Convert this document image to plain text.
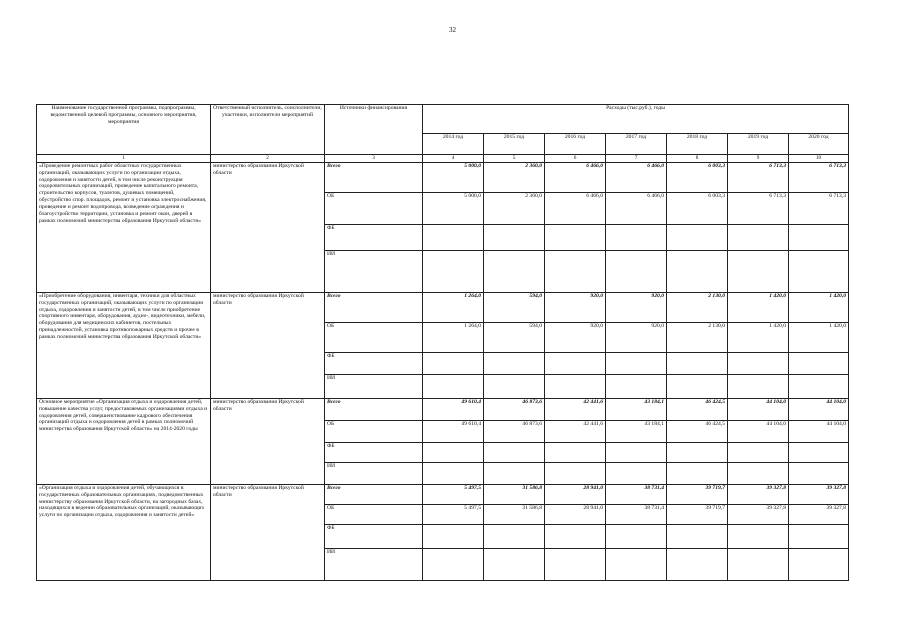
32
Наименование государственной программы, подпрограммы, ведомственной целевой программы, основного мероприятия, мероприятия	Ответственный исполнитель, соисполнители, участники, исполнители мероприятий	Источники финансирования	Расходы (тыс.руб.), годы						
			2014 год	2015 год	2016 год	2017 год	2018 год	2019 год	2020 год
1	2	3	4	5	6	7	8	9	10
«Проведение ремонтных работ областных государственных организаций, оказывающих услуги по организации отдыха, оздоровления и занятости детей, в том числе реконструкция оздоровительных организаций, проведение капитального ремонта, строительство корпусов, туалетов, душевых помещений, обустройство спор. площадок, ремонт и установка электроснабжения, проведение и ремонт водопровода, возведение ограждения и благоустройство территории, установка и ремонт окон, дверей в рамках полномочий министерства образования Иркутской области»	министерство образования Иркутской области	Всего	5 000,0	2 360,0	6 466,0	6 466,0	6 003,3	6 713,3	6 713,3
		ОБ	5 000,0	2 360,0	6 466,0	6 466,0	6 003,3	6 713,3	6 713,3
		ФБ							
		ИИ							
«Приобретение оборудования, инвентаря, техники для областных государственных организаций, оказывающих услуги по организации отдыха, оздоровления и занятости детей, в том числе приобретение спортивного инвентаря, оборудования, аудио-, видеотехники, мебели, оборудования для медицинских кабинетов, постельных принадлежностей, установка противопожарных средств и прочее в рамках полномочий министерства образования Иркутской области»	министерство образования Иркутской области	Всего	1 264,0	594,0	920,0	920,0	2 130,0	1 420,0	1 420,0
		ОБ	1 264,0	594,0	920,0	920,0	2 130,0	1 420,0	1 420,0
		ФБ							
		ИИ							
Основное мероприятие «Организация отдыха и оздоровления детей, повышение качества услуг, предоставляемых организациями отдыха и оздоровления детей, совершенствование кадрового обеспечения организаций отдыха и оздоровления детей в рамках полномочий министерства образования Иркутской области» на 2014-2020 годы	министерство образования Иркутской области	Всего	49 610,4	46 873,6	42 441,6	43 184,1	46 424,5	44 104,0	44 104,0
		ОБ	49 610,4	46 873,6	42 441,6	43 184,1	46 424,5	44 104,0	44 104,0
		ФБ							
		ИИ							
«Организация отдыха и оздоровления детей, обучающихся в государственных образовательных организациях, подведомственных министерству образования Иркутской области, на загородных базах, находящихся в ведении образовательных организаций, оказывающих услуги по организации отдыха, оздоровления и занятости детей»	министерство образования Иркутской области	Всего	5 497,5	31 586,8	28 941,0	38 731,4	39 719,7	39 327,8	39 327,8
		ОБ	5 497,5	31 586,8	28 941,0	38 731,4	39 719,7	39 327,8	39 327,8
		ФБ							
		ИИ							
